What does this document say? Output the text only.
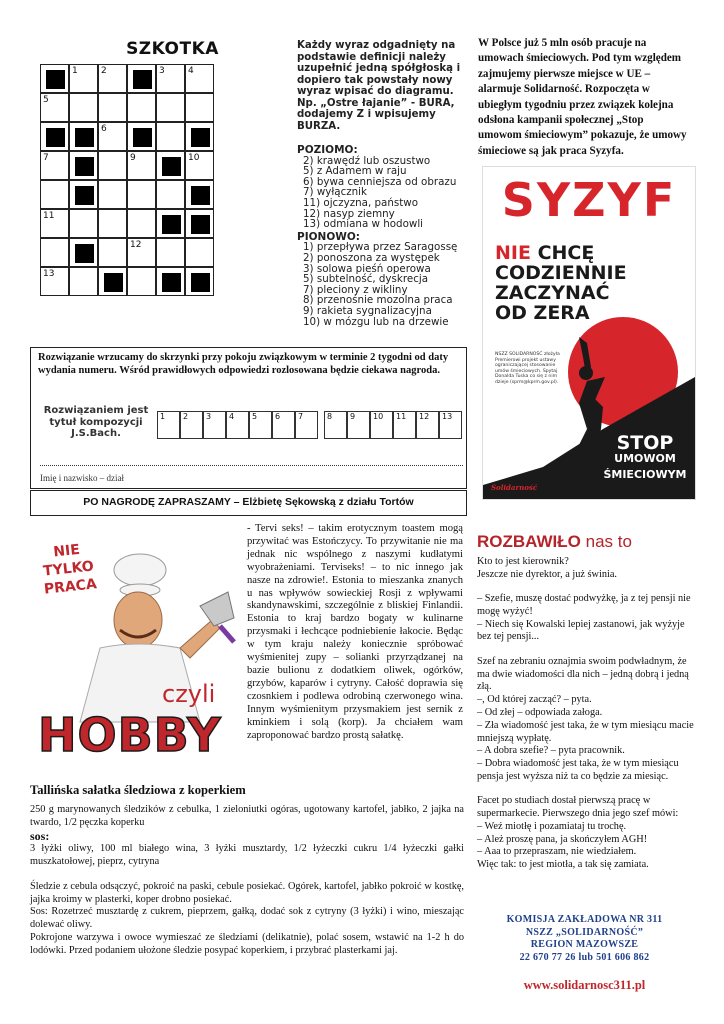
SZKOTKA
1	2	3	4
5
6
7	9	10
11
12
13
Każdy wyraz odgadnięty na podstawie definicji należy uzupełnić jedną spółgłoską i dopiero tak powstały nowy wyraz wpisać do diagramu. Np. „Ostre łajanie” - BURA, dodajemy Z i wpisujemy BURZA.
POZIOMO:
2) krawędź lub oszustwo
5) z Adamem w raju
6) bywa cenniejsza od obrazu
7) wyłącznik
11) ojczyzna, państwo
12) nasyp ziemny
13) odmiana w hodowli
PIONOWO:
1) przepływa przez Saragossę
2) ponoszona za występek
3) solowa pieśń operowa
5) subtelność, dyskrecja
7) pleciony z wikliny
8) przenośnie mozolna praca
9) rakieta sygnalizacyjna
10) w mózgu lub na drzewie
Rozwiązanie wrzucamy do skrzynki przy pokoju związkowym w terminie 2 tygodni od daty wydania numeru. Wśród prawidłowych odpowiedzi rozlosowana będzie ciekawa nagroda.
Rozwiązaniem jest tytuł kompozycji J.S.Bach.
1 2 3 4 5 6 7	8 9 10 11 12 13
Imię i nazwisko – dział
PO NAGRODĘ ZAPRASZAMY – Elżbietę Sękowską z działu Tortów
W Polsce już 5 mln osób pracuje na umowach śmieciowych. Pod tym względem zajmujemy pierwsze miejsce w UE – alarmuje Solidarność. Rozpoczęta w ubiegłym tygodniu przez związek kolejna odsłona kampanii społecznej „Stop umowom śmieciowym” pokazuje, że umowy śmieciowe są jak praca Syzyfa.
SYZYF
NIE CHCĘ
CODZIENNIE
ZACZYNAĆ
OD ZERA
NSZZ SOLIDARNOŚĆ złożyła Premierowi projekt ustawy ograniczającej stosowanie umów śmieciowych. Spytaj Donalda Tuska co się z nim dzieje (sprm@kprm.gov.pl).
STOP
UMOWOM
ŚMIECIOWYM
Solidarność
NIE
TYLKO
PRACA
czyli
HOBBY
- Tervi seks! – takim erotycznym toastem mogą przywitać was Estończycy. To przywitanie nie ma jednak nic wspólnego z naszymi kudłatymi wyobrażeniami. Terviseks! – to nic innego jak nasze na zdrowie!. Estonia to mieszanka znanych u nas wpływów sowieckiej Rosji z wpływami skandynawskimi, szczególnie z bliskiej Finlandii. Estonia to kraj bardzo bogaty w kulinarne przysmaki i łechcące podniebienie łakocie. Będąc w tym kraju należy koniecznie spróbować wyśmienitej zupy – solianki przyrządzanej na bazie bulionu z dodatkiem oliwek, ogórków, grzybów, kaparów i cytryny. Całość doprawia się czosnkiem i podlewa odrobiną czerwonego wina. Innym wyśmienitym przysmakiem jest sernik z kminkiem i solą (korp). Ja chciałem wam zaproponować bardzo prostą sałatkę.
Tallińska sałatka śledziowa z koperkiem

250 g marynowanych śledzików z cebulka, 1 zieloniutki ogóras, ugotowany kartofel, jabłko, 2 jajka na twardo, 1/2 pęczka koperku

sos:

3 łyżki oliwy, 100 ml białego wina, 3 łyżki musztardy, 1/2 łyżeczki cukru 1/4 łyżeczki gałki muszkatołowej, pieprz, cytryna

Śledzie z cebula odsączyć, pokroić na paski, cebule posiekać. Ogórek, kartofel, jabłko pokroić w kostkę, jajka kroimy w plasterki, koper drobno posiekać.

Sos: Rozetrzeć musztardę z cukrem, pieprzem, gałką, dodać sok z cytryny (3 łyżki) i wino, mieszając dolewać oliwy.

Pokrojone warzywa i owoce wymieszać ze śledziami (delikatnie), polać sosem, wstawić na 1-2 h do lodówki. Przed podaniem ułożone śledzie posypać koperkiem, i przybrać plasterkami jaj.

ROZBAWIŁO nas to

Kto to jest kierownik?

Jeszcze nie dyrektor, a już świnia.

– Szefie, muszę dostać podwyżkę, ja z tej pensji nie mogę wyżyć!

– Niech się Kowalski lepiej zastanowi, jak wyżyje bez tej pensji...

Szef na zebraniu oznajmia swoim podwładnym, że ma dwie wiadomości dla nich – jedną dobrą i jedną złą.

–, Od której zacząć? – pyta.

– Od złej – odpowiada załoga.

– Zła wiadomość jest taka, że w tym miesiącu macie mniejszą wypłatę.

– A dobra szefie? – pyta pracownik.

– Dobra wiadomość jest taka, że w tym miesiącu pensja jest wyższa niż ta co będzie za miesiąc.

Facet po studiach dostał pierwszą pracę w supermarkecie. Pierwszego dnia jego szef mówi:

– Weź miotłę i pozamiataj tu trochę.

– Ależ proszę pana, ja skończyłem AGH!

– Aaa to przepraszam, nie wiedziałem.

Więc tak: to jest miotła, a tak się zamiata.

KOMISJA ZAKŁADOWA NR 311
NSZZ „SOLIDARNOŚĆ”
REGION MAZOWSZE
22 670 77 26 lub 501 606 862
www.solidarnosc311.pl
